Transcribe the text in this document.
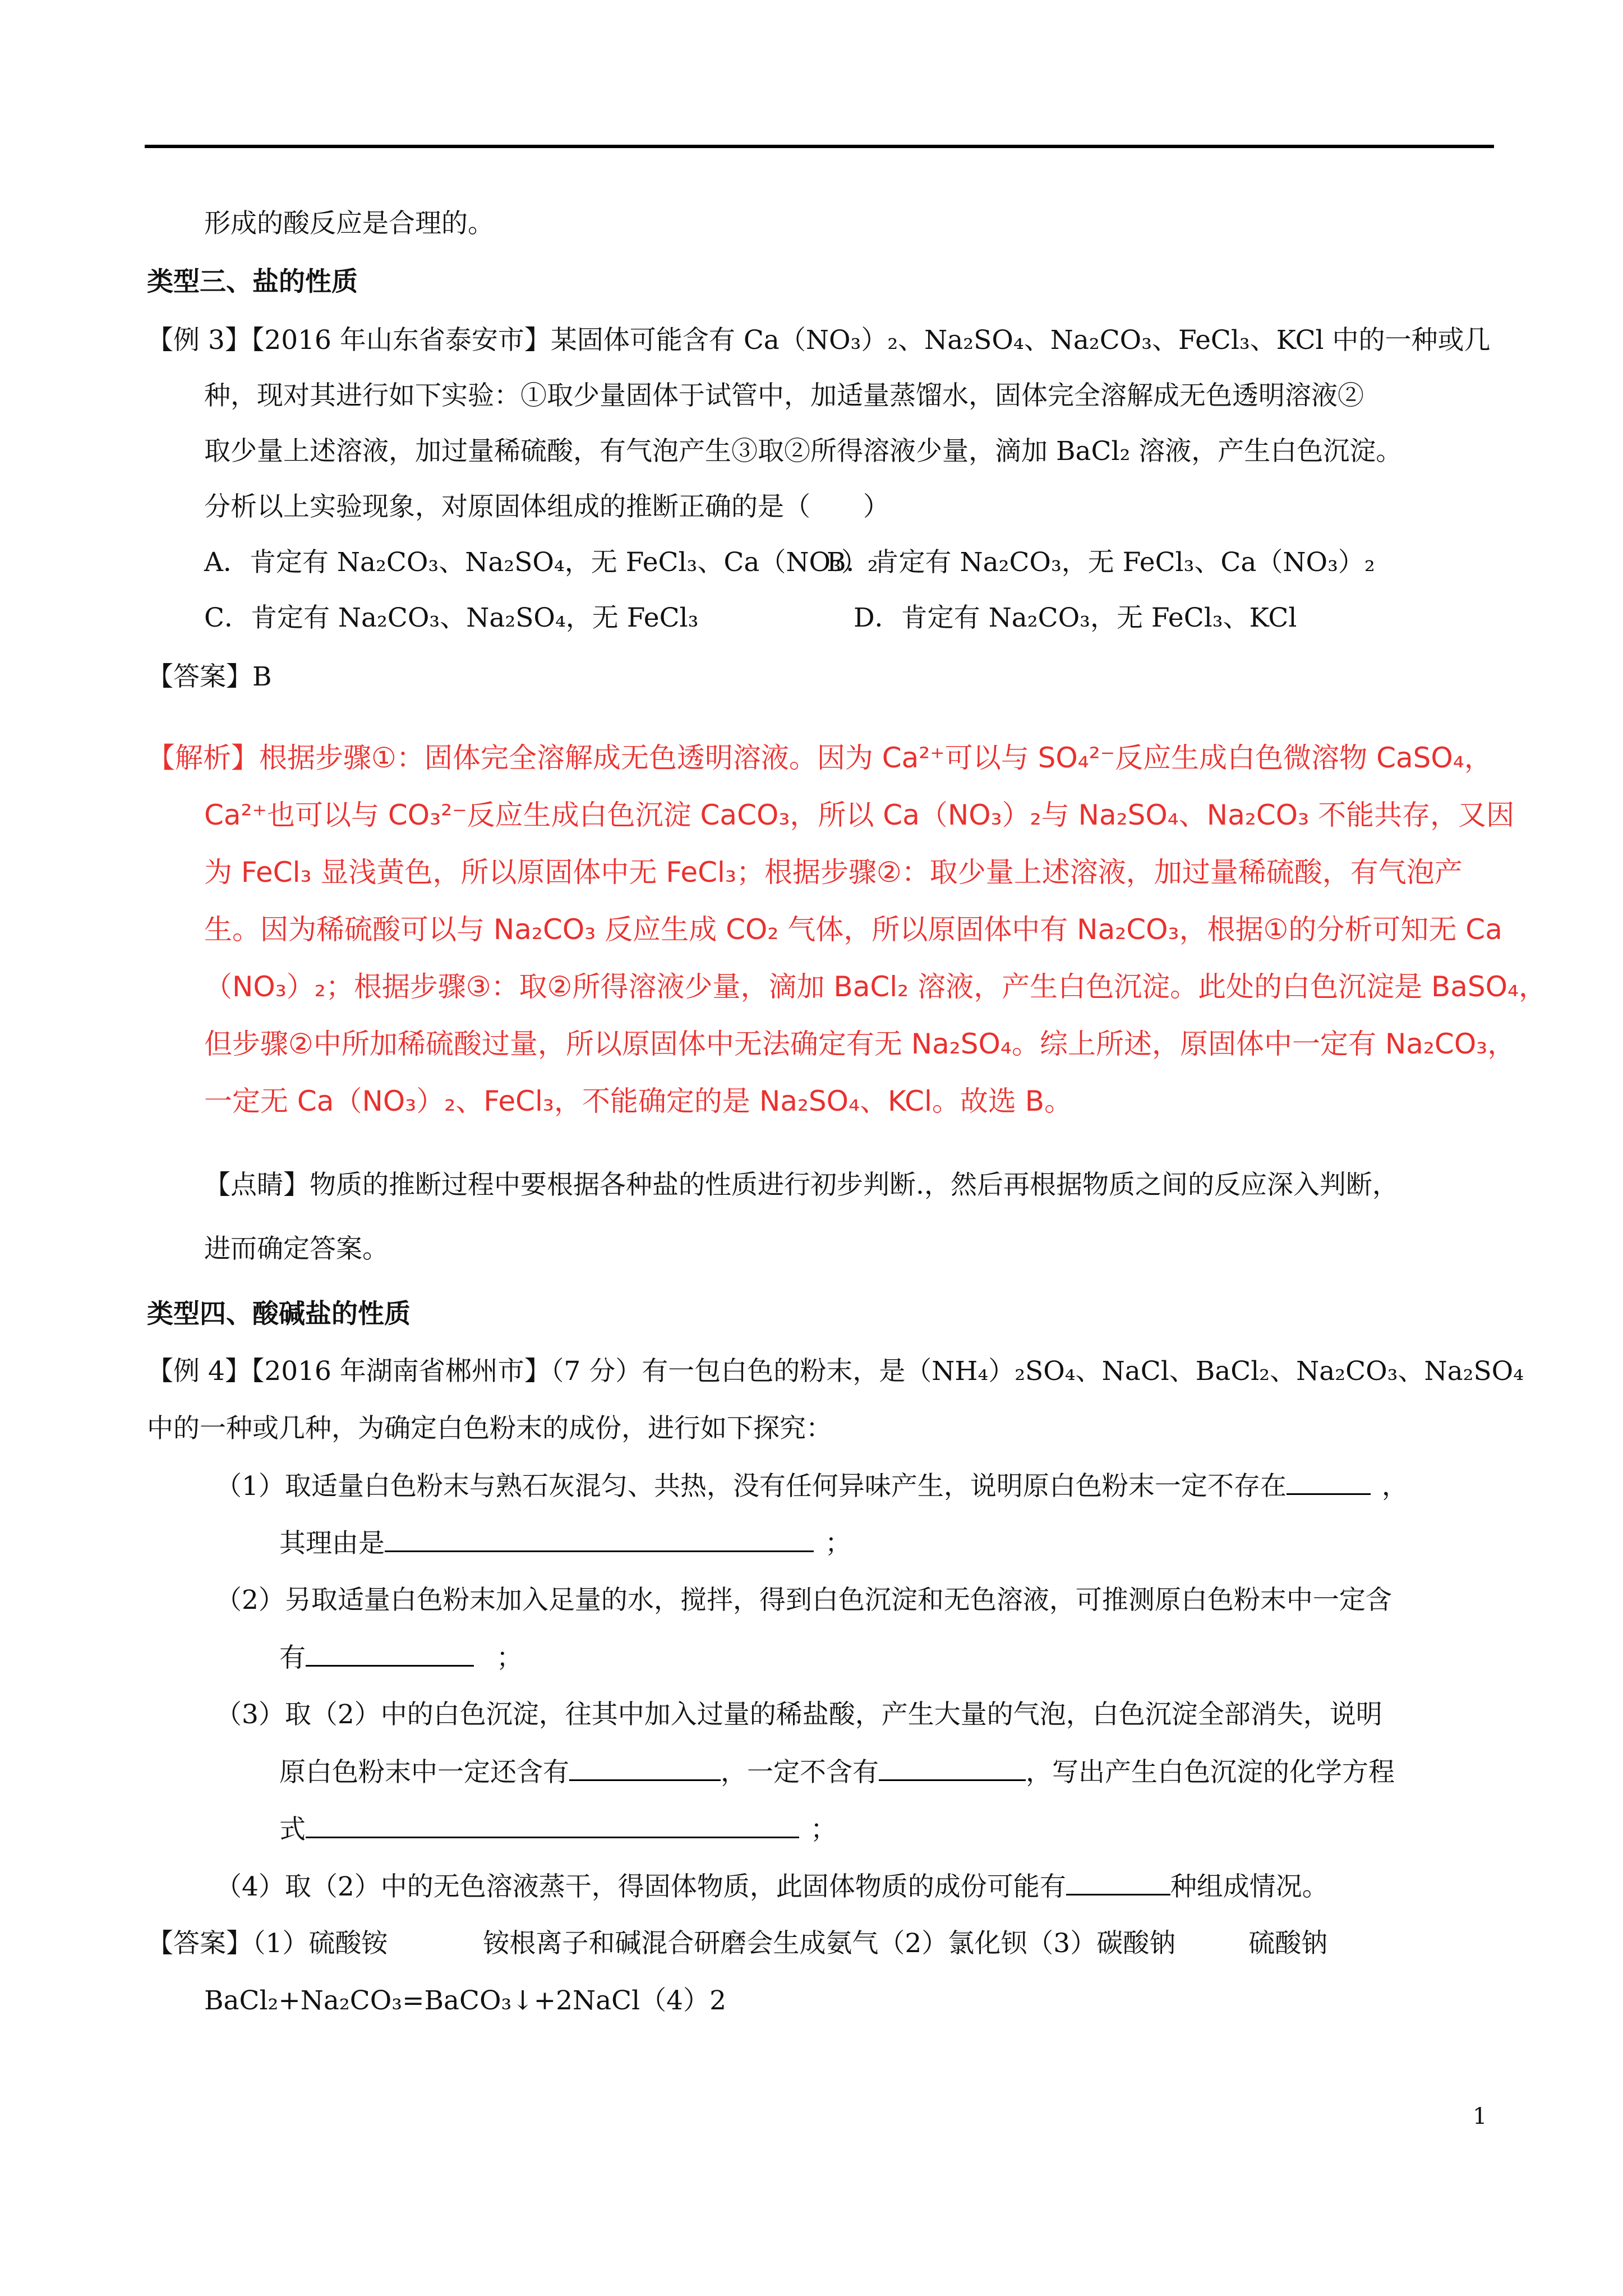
形成的酸反应是合理的。
类型三、盐的性质
【例 3】【2016 年山东省泰安市】某固体可能含有 Ca（NO₃）₂、Na₂SO₄、Na₂CO₃、FeCl₃、KCl 中的一种或几
种，现对其进行如下实验：①取少量固体于试管中，加适量蒸馏水，固体完全溶解成无色透明溶液②
取少量上述溶液，加过量稀硫酸，有气泡产生③取②所得溶液少量，滴加 BaCl₂ 溶液，产生白色沉淀。
分析以上实验现象，对原固体组成的推断正确的是（　　）
A．肯定有 Na₂CO₃、Na₂SO₄，无 FeCl₃、Ca（NO₃）₂
B．肯定有 Na₂CO₃，无 FeCl₃、Ca（NO₃）₂
C．肯定有 Na₂CO₃、Na₂SO₄，无 FeCl₃	D．肯定有 Na₂CO₃，无 FeCl₃、KCl
【答案】B
【解析】根据步骤①：固体完全溶解成无色透明溶液。因为 Ca²⁺可以与 SO₄²⁻反应生成白色微溶物 CaSO₄，
Ca²⁺也可以与 CO₃²⁻反应生成白色沉淀 CaCO₃，所以 Ca（NO₃）₂与 Na₂SO₄、Na₂CO₃ 不能共存，又因
为 FeCl₃ 显浅黄色，所以原固体中无 FeCl₃；根据步骤②：取少量上述溶液，加过量稀硫酸，有气泡产
生。因为稀硫酸可以与 Na₂CO₃ 反应生成 CO₂ 气体，所以原固体中有 Na₂CO₃，根据①的分析可知无 Ca
（NO₃）₂；根据步骤③：取②所得溶液少量，滴加 BaCl₂ 溶液，产生白色沉淀。此处的白色沉淀是 BaSO₄，
但步骤②中所加稀硫酸过量，所以原固体中无法确定有无 Na₂SO₄。综上所述，原固体中一定有 Na₂CO₃，
一定无 Ca（NO₃）₂、FeCl₃，不能确定的是 Na₂SO₄、KCl。故选 B。
【点睛】物质的推断过程中要根据各种盐的性质进行初步判断.，然后再根据物质之间的反应深入判断，
进而确定答案。
类型四、酸碱盐的性质
【例 4】【2016 年湖南省郴州市】（7 分）有一包白色的粉末，是（NH₄）₂SO₄、NaCl、BaCl₂、Na₂CO₃、Na₂SO₄
中的一种或几种，为确定白色粉末的成份，进行如下探究：
（1）取适量白色粉末与熟石灰混匀、共热，没有任何异味产生，说明原白色粉末一定不存在	，
其理由是	；
（2）另取适量白色粉末加入足量的水，搅拌，得到白色沉淀和无色溶液，可推测原白色粉末中一定含
有	；
（3）取（2）中的白色沉淀，往其中加入过量的稀盐酸，产生大量的气泡，白色沉淀全部消失，说明
原白色粉末中一定还含有	，一定不含有	，写出产生白色沉淀的化学方程
式	；
（4）取（2）中的无色溶液蒸干，得固体物质，此固体物质的成份可能有	种组成情况。
【答案】（1）硫酸铵	铵根离子和碱混合研磨会生成氨气（2）氯化钡（3）碳酸钠	硫酸钠
BaCl₂+Na₂CO₃=BaCO₃↓+2NaCl（4）2
1
